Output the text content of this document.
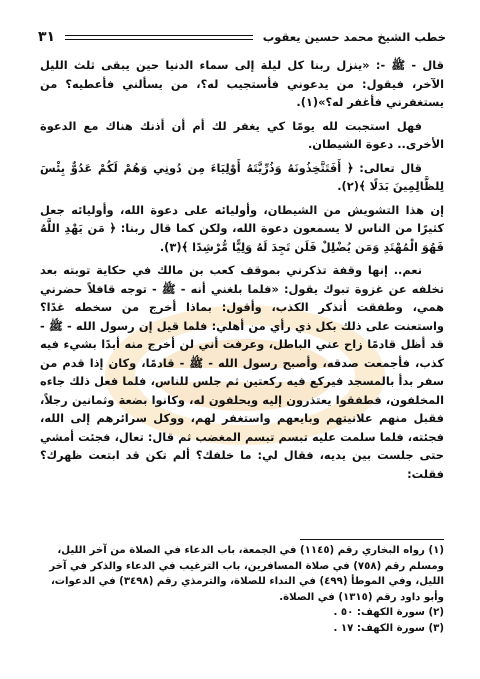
خطب الشيخ محمد حسين يعقوب
٣١

قال - ﷺ -: «ينزل ربنا كل ليلة إلى سماء الدنيا حين يبقى ثلث الليل الآخر، فيقول: من يدعوني فأستجيب له؟، من يسألني فأعطيه؟ من يستغفرني فأغفر له؟»(١).

فهل استجبت لله يومًا كي يغفر لك أم أن أذنك هناك مع الدعوة الأخرى.. دعوة الشيطان.

قال تعالى: ﴿ أَفَتَتَّخِذُونَهُ وَذُرِّيَّتَهُ أَوْلِيَاءَ مِن دُونِي وَهُمْ لَكُمْ عَدُوٌّ بِئْسَ لِلظَّالِمِينَ بَدَلًا ﴾(٢).

إن هذا التشويش من الشيطان، وأوليائه على دعوة الله، وأوليائه جعل كثيرًا من الناس لا يسمعون دعوة الله، ولكن كما قال ربنا: ﴿ مَن يَهْدِ اللَّهُ فَهُوَ الْمُهْتَدِ وَمَن يُضْلِلْ فَلَن تَجِدَ لَهُ وَلِيًّا مُّرْشِدًا ﴾(٣).

نعم.. إنها وقفة تذكرني بموقف كعب بن مالك في حكاية توبته بعد تخلفه عن غزوة تبوك يقول: «فلما بلغني أنه - ﷺ - توجه قافلاً حضرني همي، وطفقت أتذكر الكذب، وأقول: بماذا أخرج من سخطه غدًا؟ واستعنت على ذلك بكل ذي رأي من أهلي: فلما قيل إن رسول الله - ﷺ - قد أظل قادمًا زاح عني الباطل، وعرفت أني لن أخرج منه أبدًا بشيء فيه كذب، فأجمعت صدقه، وأصبح رسول الله - ﷺ - قادمًا، وكان إذا قدم من سفر بدأ بالمسجد فيركع فيه ركعتين ثم جلس للناس، فلما فعل ذلك جاءه المخلفون، فطفقوا يعتذرون إليه ويحلفون له، وكانوا بضعة وثمانين رجلاً، فقبل منهم علانيتهم وبايعهم واستغفر لهم، ووكل سرائرهم إلى الله، فجئته، فلما سلمت عليه تبسم تبسم المغضب ثم قال: تعال، فجئت أمشي حتى جلست بين يديه، فقال لي: ما خلفك؟ ألم تكن قد ابتعت ظهرك؟ فقلت:

(١) رواه البخاري رقم (١١٤٥) في الجمعة، باب الدعاء في الصلاة من آخر الليل، ومسلم رقم (٧٥٨) في صلاة المسافرين، باب الترغيب في الدعاء والذكر في آخر الليل، وفي الموطأ (٤٩٩) في النداء للصلاة، والترمذي رقم (٣٤٩٨) في الدعوات، وأبو داود رقم (١٣١٥) في الصلاة.

(٢) سورة الكهف: ٥٠ .

(٣) سورة الكهف: ١٧ .
